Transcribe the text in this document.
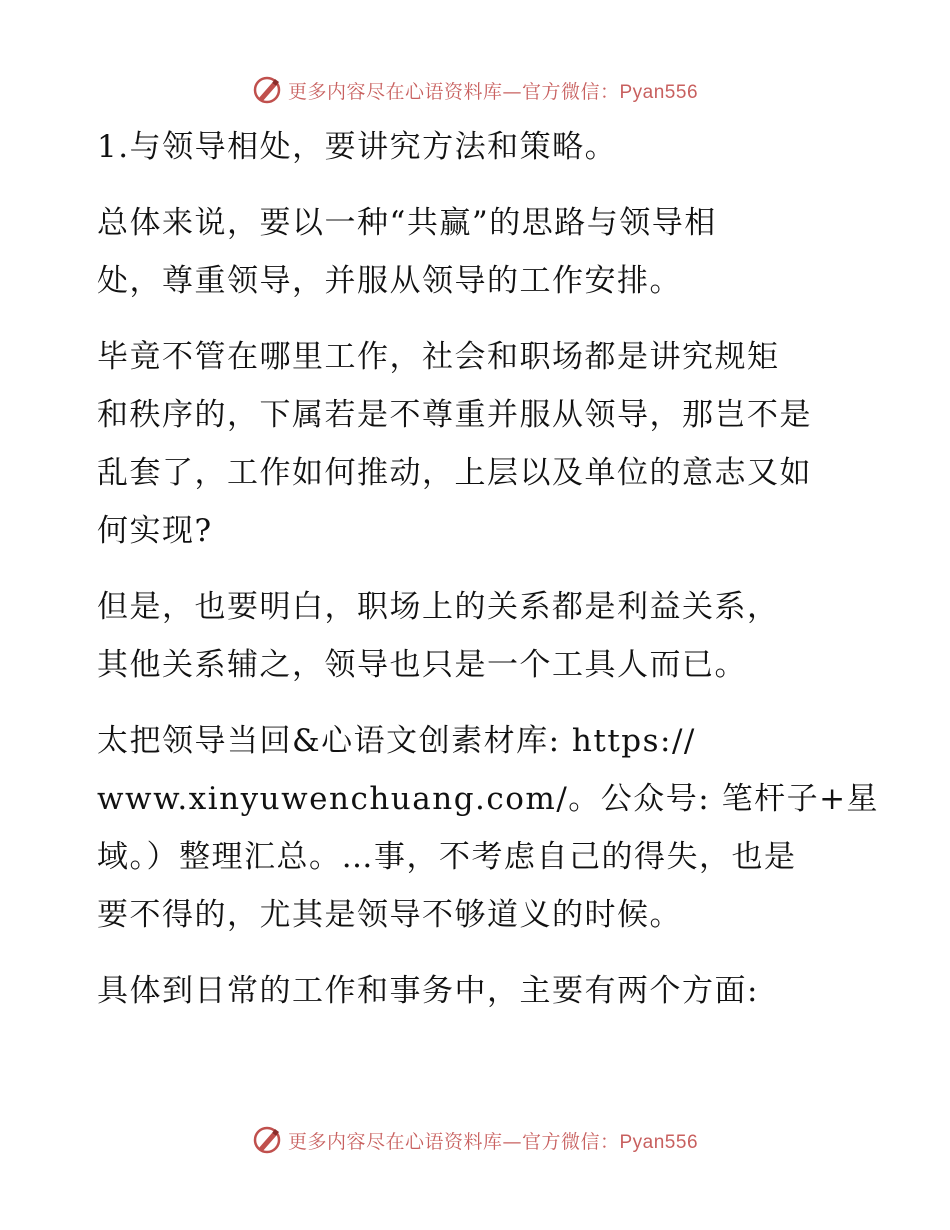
更多内容尽在心语资料库—官方微信：Pyan556

1.与领导相处，要讲究方法和策略。

总体来说，要以一种“共赢”的思路与领导相
处，尊重领导，并服从领导的工作安排。

毕竟不管在哪里工作，社会和职场都是讲究规矩
和秩序的，下属若是不尊重并服从领导，那岂不是
乱套了，工作如何推动，上层以及单位的意志又如
何实现?

但是，也要明白，职场上的关系都是利益关系，
其他关系辅之，领导也只是一个工具人而已。

太把领导当回&心语文创素材库: https://
www.xinyuwenchuang.com/。公众号: 笔杆子+星
域。）整理汇总。…事，不考虑自己的得失，也是
要不得的，尤其是领导不够道义的时候。

具体到日常的工作和事务中，主要有两个方面:

更多内容尽在心语资料库—官方微信：Pyan556
